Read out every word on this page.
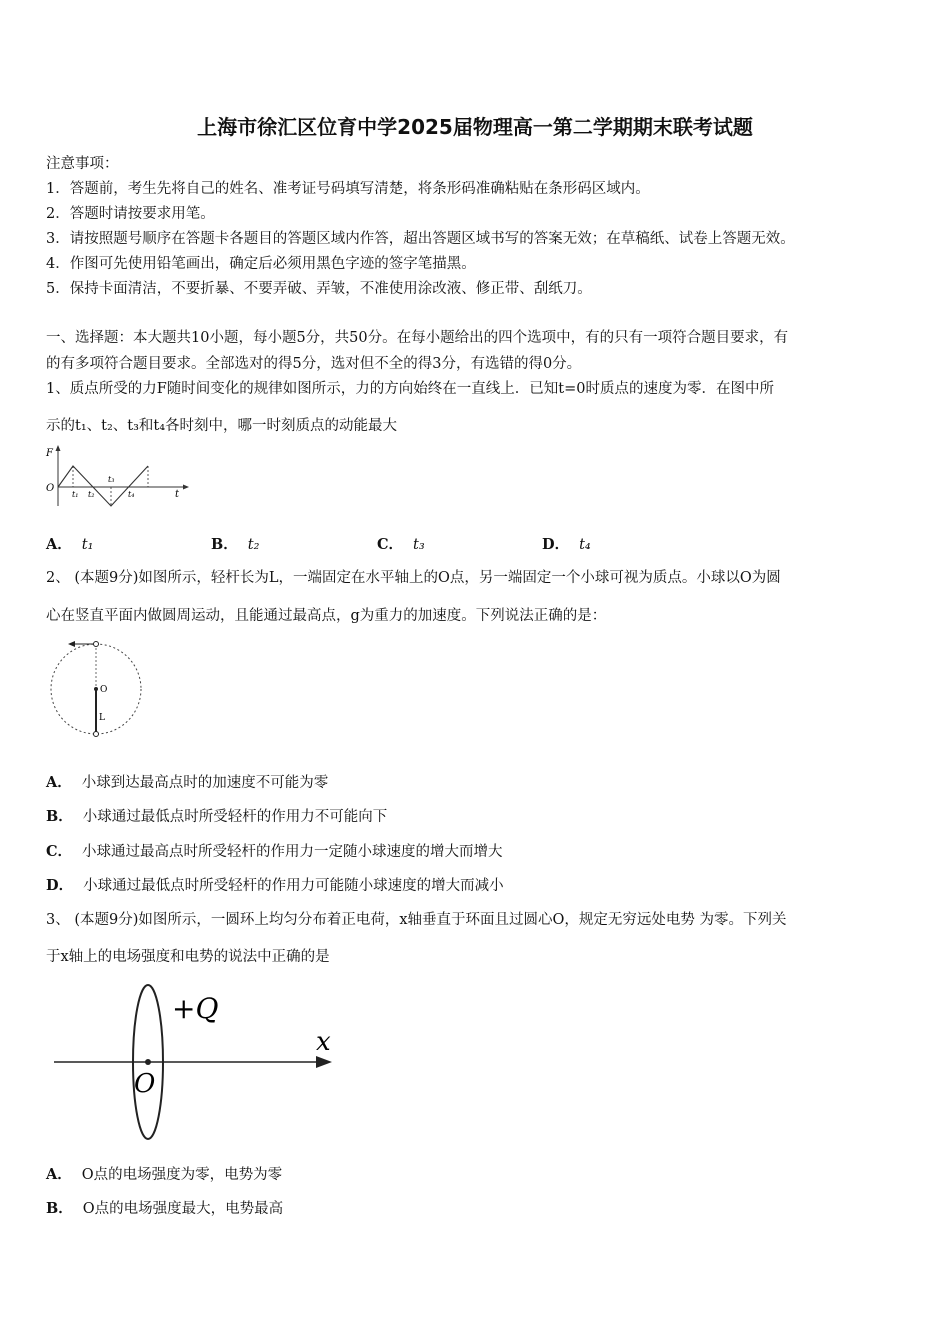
上海市徐汇区位育中学2025届物理高一第二学期期末联考试题
注意事项：
1．答题前，考生先将自己的姓名、准考证号码填写清楚，将条形码准确粘贴在条形码区域内。
2．答题时请按要求用笔。
3．请按照题号顺序在答题卡各题目的答题区域内作答，超出答题区域书写的答案无效；在草稿纸、试卷上答题无效。
4．作图可先使用铅笔画出，确定后必须用黑色字迹的签字笔描黑。
5．保持卡面清洁，不要折暴、不要弄破、弄皱，不准使用涂改液、修正带、刮纸刀。
一、选择题：本大题共10小题，每小题5分，共50分。在每小题给出的四个选项中，有的只有一项符合题目要求，有
的有多项符合题目要求。全部选对的得5分，选对但不全的得3分，有选错的得0分。
1、质点所受的力F随时间变化的规律如图所示，力的方向始终在一直线上．已知t=0时质点的速度为零．在图中所
示的t₁、t₂、t₃和t₄各时刻中，哪一时刻质点的动能最大
F
O
t
t₁ t₂
t₃
t₄
A． t₁	B． t₂	C． t₃	D． t₄
2、 (本题9分)如图所示，轻杆长为L，一端固定在水平轴上的O点，另一端固定一个小球可视为质点。小球以O为圆
心在竖直平面内做圆周运动，且能通过最高点，g为重力的加速度。下列说法正确的是：
O
L
A． 小球到达最高点时的加速度不可能为零
B． 小球通过最低点时所受轻杆的作用力不可能向下
C． 小球通过最高点时所受轻杆的作用力一定随小球速度的增大而增大
D． 小球通过最低点时所受轻杆的作用力可能随小球速度的增大而减小
3、 (本题9分)如图所示，一圆环上均匀分布着正电荷，x轴垂直于环面且过圆心O，规定无穷远处电势 为零。下列关
于x轴上的电场强度和电势的说法中正确的是
+Q
x
O
A． O点的电场强度为零，电势为零
B． O点的电场强度最大，电势最高
